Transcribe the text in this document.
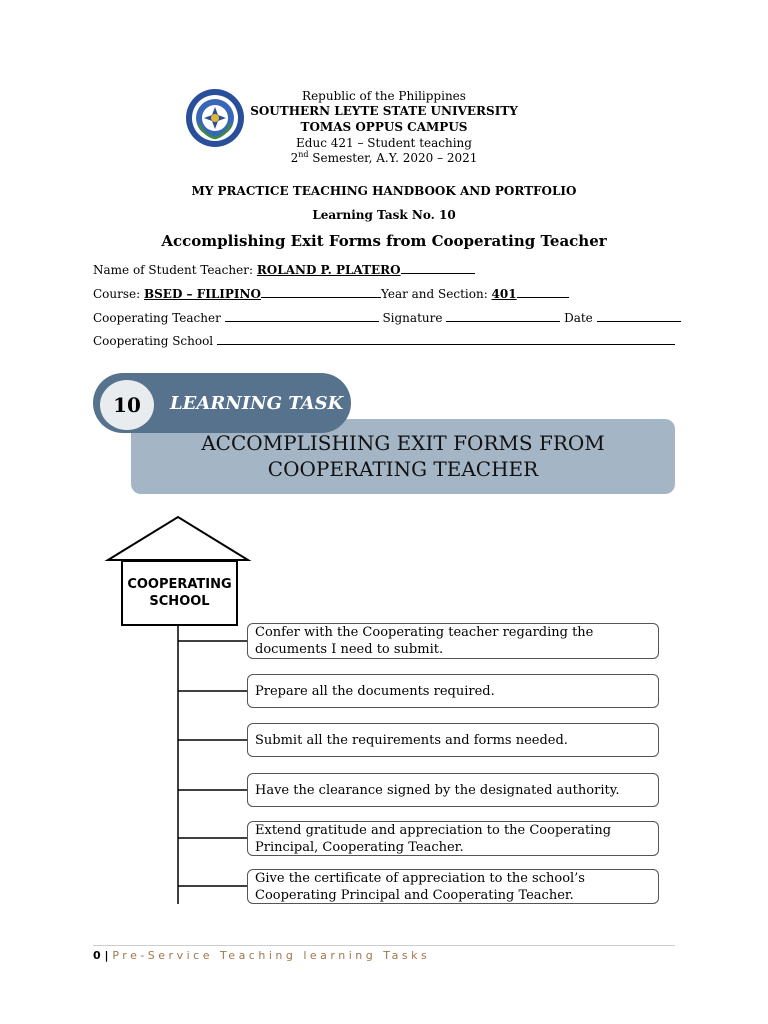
Republic of the Philippines
SOUTHERN LEYTE STATE UNIVERSITY
TOMAS OPPUS CAMPUS
Educ 421 – Student teaching
2nd Semester, A.Y. 2020 – 2021
MY PRACTICE TEACHING HANDBOOK AND PORTFOLIO
Learning Task No. 10
Accomplishing Exit Forms from Cooperating Teacher
Name of Student Teacher: ROLAND P. PLATERO
Course: BSED – FILIPINO	Year and Section: 401
Cooperating Teacher	Signature	Date
Cooperating School
10	LEARNING TASK
ACCOMPLISHING EXIT FORMS FROM
COOPERATING TEACHER
COOPERATING
SCHOOL
Confer with the Cooperating teacher regarding the documents I need to submit.
Prepare all the documents required.
Submit all the requirements and forms needed.
Have the clearance signed by the designated authority.
Extend gratitude and appreciation to the Cooperating Principal, Cooperating Teacher.
Give the certificate of appreciation to the school’s Cooperating Principal and Cooperating Teacher.
0 | Pre-Service Teaching learning Tasks
